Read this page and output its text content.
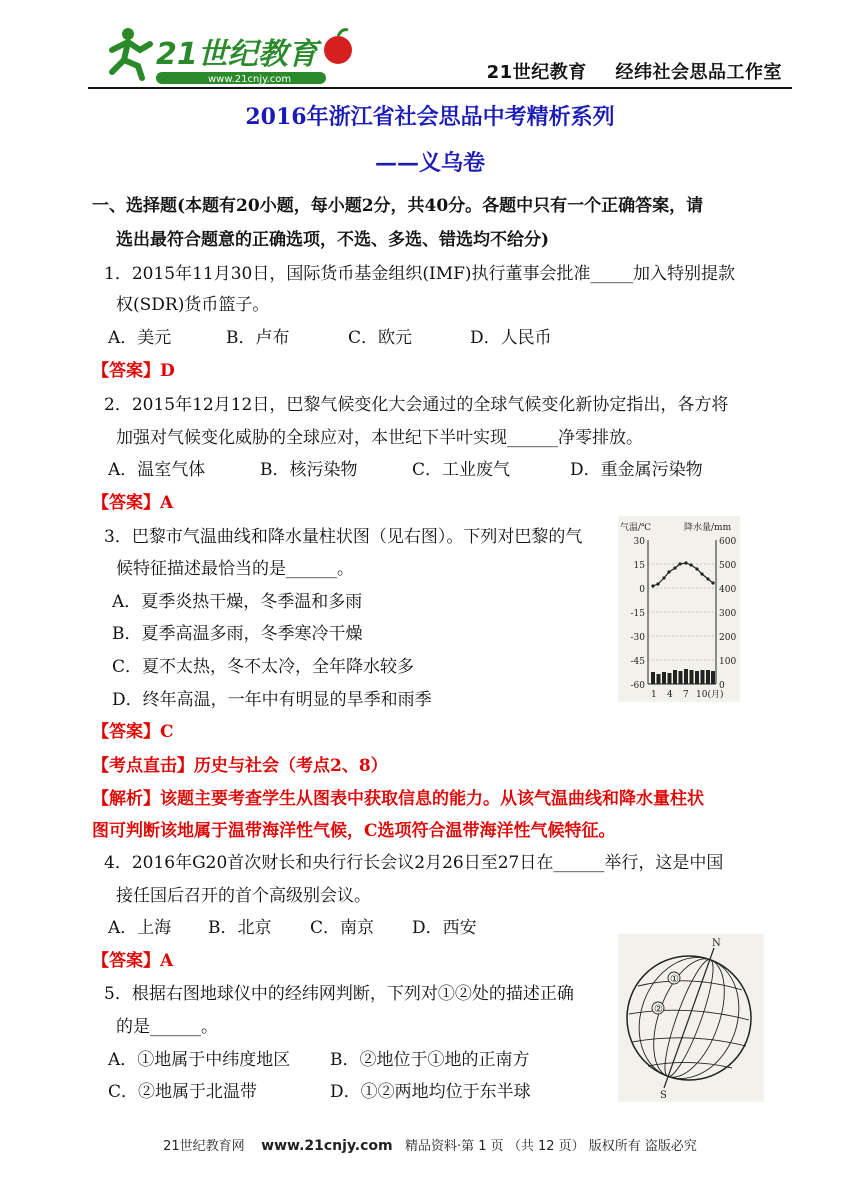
21世纪教育
www.21cnjy.com	21世纪教育 经纬社会思品工作室
2016年浙江省社会思品中考精析系列
——义乌卷
一、选择题(本题有20小题，每小题2分，共40分。各题中只有一个正确答案，请
选出最符合题意的正确选项，不选、多选、错选均不给分)
1．2015年11月30日，国际货币基金组织(IMF)执行董事会批准_____加入特别提款
权(SDR)货币篮子。
A．美元	B．卢布	C．欧元	D．人民币
【答案】D
2．2015年12月12日，巴黎气候变化大会通过的全球气候变化新协定指出，各方将
加强对气候变化威胁的全球应对，本世纪下半叶实现______净零排放。
A．温室气体	B．核污染物	C．工业废气	D．重金属污染物
【答案】A
3．巴黎市气温曲线和降水量柱状图（见右图）。下列对巴黎的气
候特征描述最恰当的是______。
A．夏季炎热干燥，冬季温和多雨
B．夏季高温多雨，冬季寒冷干燥
C．夏不太热，冬不太冷，全年降水较多
D．终年高温，一年中有明显的旱季和雨季
气温/℃	降水量/mm
30
15
0
-15
-30
-45
-60
600
500
400
300
200
100
0
1 4 7 10(月)
【答案】C
【考点直击】历史与社会（考点2、8）
【解析】该题主要考查学生从图表中获取信息的能力。从该气温曲线和降水量柱状
图可判断该地属于温带海洋性气候，C选项符合温带海洋性气候特征。
4．2016年G20首次财长和央行行长会议2月26日至27日在______举行，这是中国
接任国后召开的首个高级别会议。
A．上海 B．北京 C．南京 D．西安
【答案】A
5．根据右图地球仪中的经纬网判断，下列对①②处的描述正确
的是______。
A．①地属于中纬度地区 B．②地位于①地的正南方
C．②地属于北温带	D．①②两地均位于东半球
N
S
①
②
21世纪教育网 www.21cnjy.com 精品资料·第 1 页 （共 12 页） 版权所有 盗版必究
